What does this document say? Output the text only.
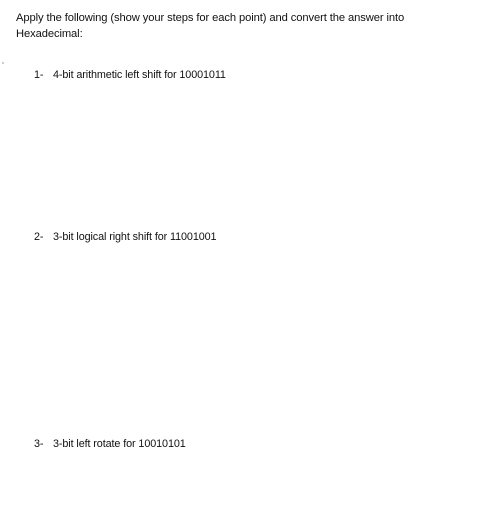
Apply the following (show your steps for each point) and convert the answer into
Hexadecimal:

1- 4-bit arithmetic left shift for 10001011
2- 3-bit logical right shift for 11001001
3- 3-bit left rotate for 10010101
